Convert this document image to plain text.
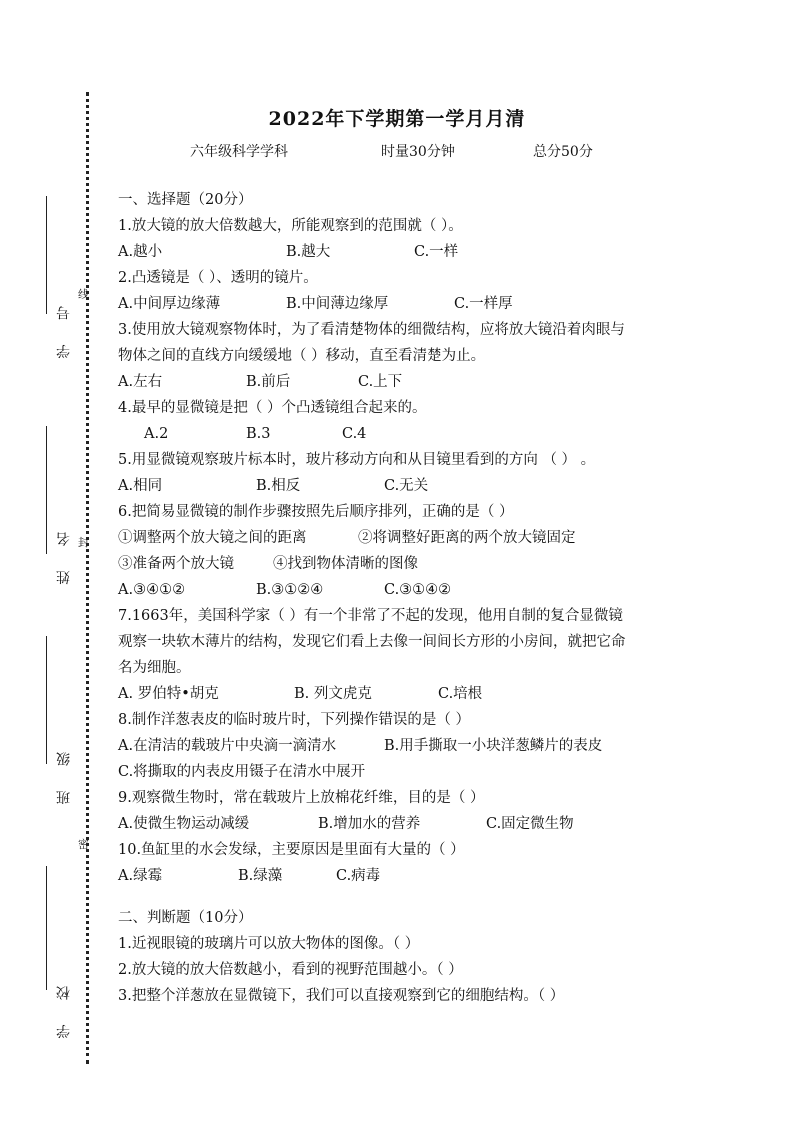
学 号
姓 名
班 级
学 校
线
封
密
2022年下学期第一学月月清
六年级科学学科	时量30分钟	总分50分
一、选择题（20分）
1.放大镜的放大倍数越大，所能观察到的范围就（ ）。
A.越小	B.越大	C.一样
2.凸透镜是（ ）、透明的镜片。
A.中间厚边缘薄	B.中间薄边缘厚	C.一样厚
3.使用放大镜观察物体时，为了看清楚物体的细微结构，应将放大镜沿着肉眼与
物体之间的直线方向缓缓地（ ）移动，直至看清楚为止。
A.左右	B.前后	C.上下
4.最早的显微镜是把（ ）个凸透镜组合起来的。
A.2	B.3	C.4
5.用显微镜观察玻片标本时，玻片移动方向和从目镜里看到的方向 （ ） 。
A.相同	B.相反	C.无关
6.把简易显微镜的制作步骤按照先后顺序排列，正确的是（ ）
①调整两个放大镜之间的距离	②将调整好距离的两个放大镜固定
③准备两个放大镜	④找到物体清晰的图像
A.③④①②	B.③①②④	C.③①④②
7.1663年，美国科学家（ ）有一个非常了不起的发现，他用自制的复合显微镜
观察一块软木薄片的结构，发现它们看上去像一间间长方形的小房间，就把它命
名为细胞。
A. 罗伯特•胡克	B. 列文虎克	C.培根
8.制作洋葱表皮的临时玻片时，下列操作错误的是（ ）
A.在清洁的载玻片中央滴一滴清水	B.用手撕取一小块洋葱鳞片的表皮
C.将撕取的内表皮用镊子在清水中展开
9.观察微生物时，常在载玻片上放棉花纤维，目的是（ ）
A.使微生物运动减缓	B.增加水的营养	C.固定微生物
10.鱼缸里的水会发绿，主要原因是里面有大量的（ ）
A.绿霉	B.绿藻	C.病毒
二、判断题（10分）
1.近视眼镜的玻璃片可以放大物体的图像。（ ）
2.放大镜的放大倍数越小，看到的视野范围越小。（ ）
3.把整个洋葱放在显微镜下，我们可以直接观察到它的细胞结构。（ ）
